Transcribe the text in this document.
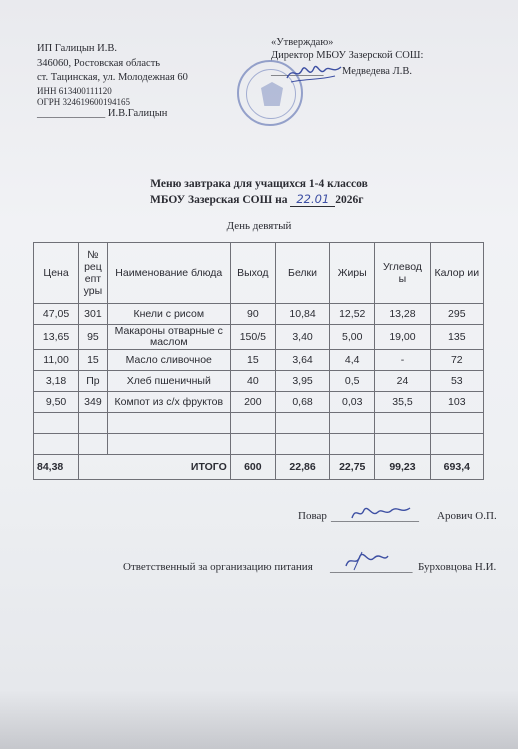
ИП Галицын И.В.
346060, Ростовская область
ст. Тацинская, ул. Молодежная 60
ИНН 613400111120
ОГРН 324619600194165
_____________ И.В.Галицын
«Утверждаю»
Директор МБОУ Зазерской СОШ:
__________ Медведева Л.В.
Меню завтрака для учащихся 1-4 классов
МБОУ Зазерская СОШ на 22.01 2026г
День девятый
Цена	№ рец епт уры	Наименование блюда	Выход	Белки	Жиры	Углевод ы	Калор ии
47,05	301	Кнели с рисом	90	10,84	12,52	13,28	295
13,65	95	Макароны отварные с маслом	150/5	3,40	5,00	19,00	135
11,00	15	Масло сливочное	15	3,64	4,4	-	72
3,18	Пр	Хлеб пшеничный	40	3,95	0,5	24	53
9,50	349	Компот из с/х фруктов	200	0,68	0,03	35,5	103

84,38	ИТОГО		600	22,86	22,75	99,23	693,4
Повар ________________ Арович О.П.
Ответственный за организацию питания _______________ Бурховцова Н.И.
